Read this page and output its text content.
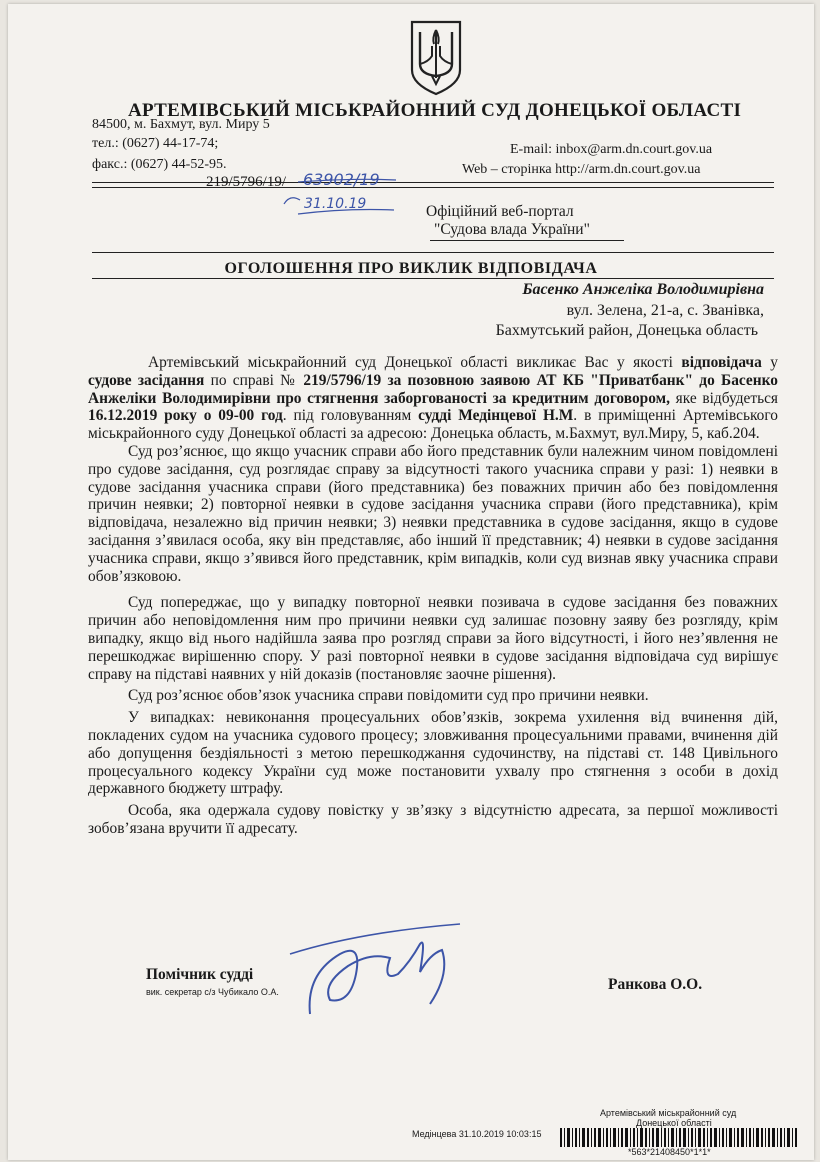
АРТЕМІВСЬКИЙ МІСЬКРАЙОННИЙ СУД ДОНЕЦЬКОЇ ОБЛАСТІ
84500, м. Бахмут, вул. Миру 5
тел.: (0627) 44-17-74;
факс.: (0627) 44-52-95.
E-mail: inbox@arm.dn.court.gov.ua
Web – сторінка http://arm.dn.court.gov.ua
219/5796/19/ 63902/19
31.10.19	Офіційний веб-портал
"Судова влада України"
ОГОЛОШЕННЯ ПРО ВИКЛИК ВІДПОВІДАЧА
Басенко Анжеліка Володимирівна
вул. Зелена, 21-а, с. Званівка,
Бахмутський район, Донецька область

Артемівський міськрайонний суд Донецької області викликає Вас у якості відповідача у судове засідання по справі № 219/5796/19 за позовною заявою АТ КБ "Приватбанк" до Басенко Анжеліки Володимирівни про стягнення заборгованості за кредитним договором, яке відбудеться 16.12.2019 року о 09-00 год. під головуванням судді Медінцевої Н.М. в приміщенні Артемівського міськрайонного суду Донецької області за адресою: Донецька область, м.Бахмут, вул.Миру, 5, каб.204.

Суд роз’яснює, що якщо учасник справи або його представник були належним чином повідомлені про судове засідання, суд розглядає справу за відсутності такого учасника справи у разі: 1) неявки в судове засідання учасника справи (його представника) без поважних причин або без повідомлення причин неявки; 2) повторної неявки в судове засідання учасника справи (його представника), крім відповідача, незалежно від причин неявки; 3) неявки представника в судове засідання, якщо в судове засідання з’явилася особа, яку він представляє, або інший її представник; 4) неявки в судове засідання учасника справи, якщо з’явився його представник, крім випадків, коли суд визнав явку учасника справи обов’язковою.

Суд попереджає, що у випадку повторної неявки позивача в судове засідання без поважних причин або неповідомлення ним про причини неявки суд залишає позовну заяву без розгляду, крім випадку, якщо від нього надійшла заява про розгляд справи за його відсутності, і його нез’явлення не перешкоджає вирішенню спору. У разі повторної неявки в судове засідання відповідача суд вирішує справу на підставі наявних у ній доказів (постановляє заочне рішення).

Суд роз’яснює обов’язок учасника справи повідомити суд про причини неявки.

У випадках: невиконання процесуальних обов’язків, зокрема ухилення від вчинення дій, покладених судом на учасника судового процесу; зловживання процесуальними правами, вчинення дій або допущення бездіяльності з метою перешкоджання судочинству, на підставі ст. 148 Цивільного процесуального кодексу України суд може постановити ухвалу про стягнення з особи в дохід державного бюджету штрафу.

Особа, яка одержала судову повістку у зв’язку з відсутністю адресата, за першої можливості зобов’язана вручити її адресату.

Помічник судді
вик. секретар с/з Чубикало О.А.	Ранкова О.О.
Артемівський міськрайонний суд
Донецької області
Медінцева 31.10.2019 10:03:15
*563*21408450*1*1*
